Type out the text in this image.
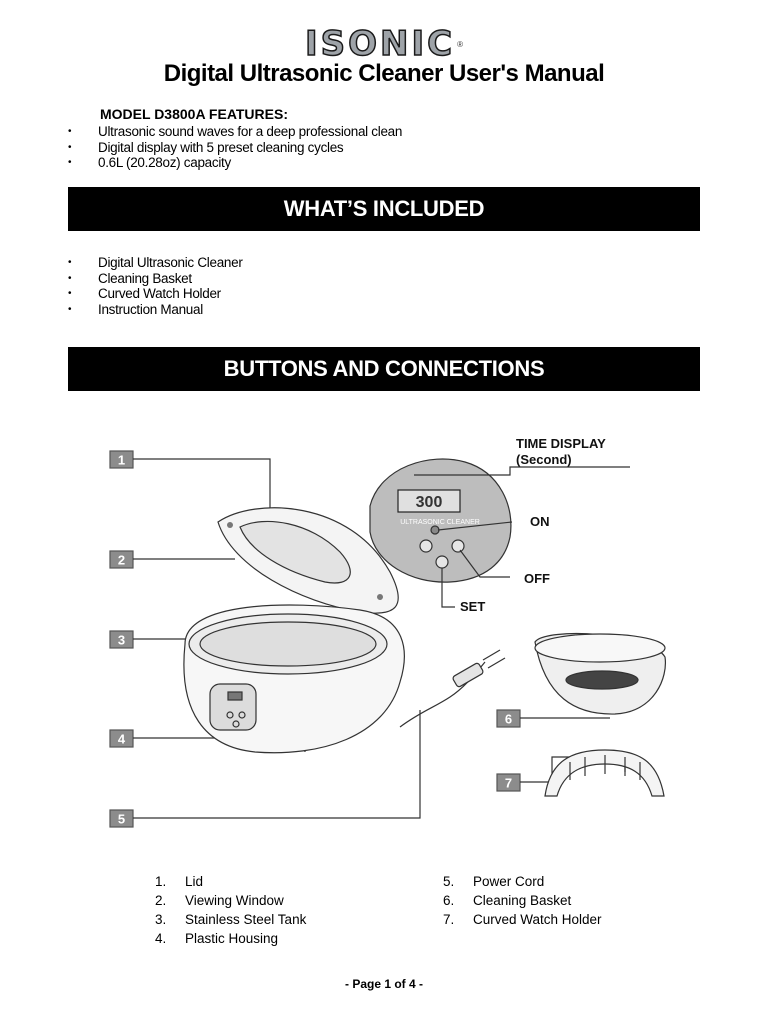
ISONIC ®
Digital Ultrasonic Cleaner User's Manual
MODEL D3800A FEATURES:
• Ultrasonic sound waves for a deep professional clean
• Digital display with 5 preset cleaning cycles
• 0.6L (20.28oz) capacity
WHAT’S INCLUDED
• Digital Ultrasonic Cleaner
• Cleaning Basket
• Curved Watch Holder
• Instruction Manual
BUTTONS AND CONNECTIONS
1
2
3
4
5
6
7
300
ULTRASONIC CLEANER
TIME DISPLAY
(Second)
ON
OFF
SET
1.	Lid
2.	Viewing Window
3.	Stainless Steel Tank
4.	Plastic Housing
5.	Power Cord
6.	Cleaning Basket
7.	Curved Watch Holder
- Page 1 of 4 -
